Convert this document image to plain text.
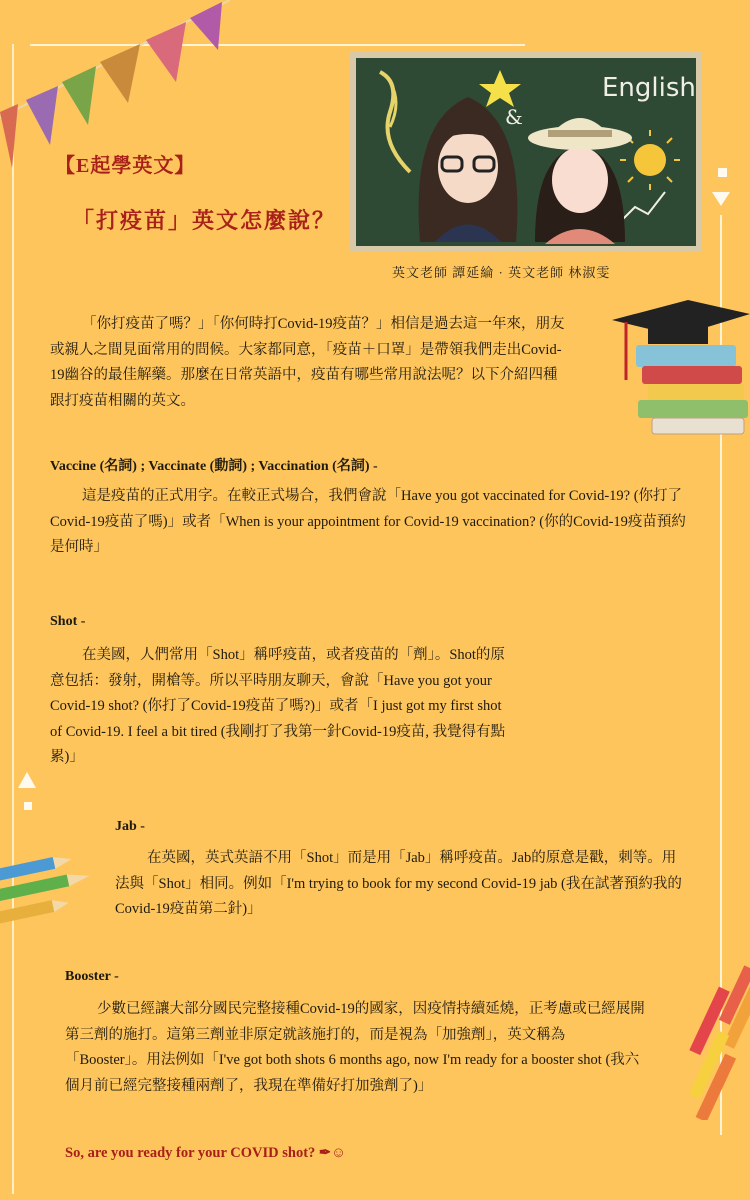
【E起學英文】
「打疫苗」英文怎麼說？
&
English
英文老師 譚延綸 · 英文老師 林淑雯
「你打疫苗了嗎？」「你何時打Covid-19疫苗？」相信是過去這一年來，朋友或親人之間見面常用的問候。大家都同意，「疫苗＋口罩」是帶領我們走出Covid-19幽谷的最佳解藥。那麼在日常英語中，疫苗有哪些常用說法呢？以下介紹四種跟打疫苗相關的英文。
Vaccine (名詞) ; Vaccinate (動詞) ; Vaccination (名詞) -
這是疫苗的正式用字。在較正式場合，我們會說「Have you got vaccinated for Covid-19? (你打了Covid-19疫苗了嗎)」或者「When is your appointment for Covid-19 vaccination? (你的Covid-19疫苗預約是何時」
Shot -
在美國，人們常用「Shot」稱呼疫苗，或者疫苗的「劑」。Shot的原意包括：發射，開槍等。所以平時朋友聊天，會說「Have you got your Covid-19 shot? (你打了Covid-19疫苗了嗎?)」或者「I just got my first shot of Covid-19. I feel a bit tired (我剛打了我第一針Covid-19疫苗, 我覺得有點累)」
Jab -
在英國，英式英語不用「Shot」而是用「Jab」稱呼疫苗。Jab的原意是戳，刺等。用法與「Shot」相同。例如「I'm trying to book for my second Covid-19 jab (我在試著預約我的Covid-19疫苗第二針)」
Booster -
少數已經讓大部分國民完整接種Covid-19的國家，因疫情持續延燒，正考慮或已經展開第三劑的施打。這第三劑並非原定就該施打的，而是視為「加強劑」，英文稱為「Booster」。用法例如「I've got both shots 6 months ago, now I'm ready for a booster shot (我六個月前已經完整接種兩劑了，我現在準備好打加強劑了)」
So, are you ready for your COVID shot? ✒☺
